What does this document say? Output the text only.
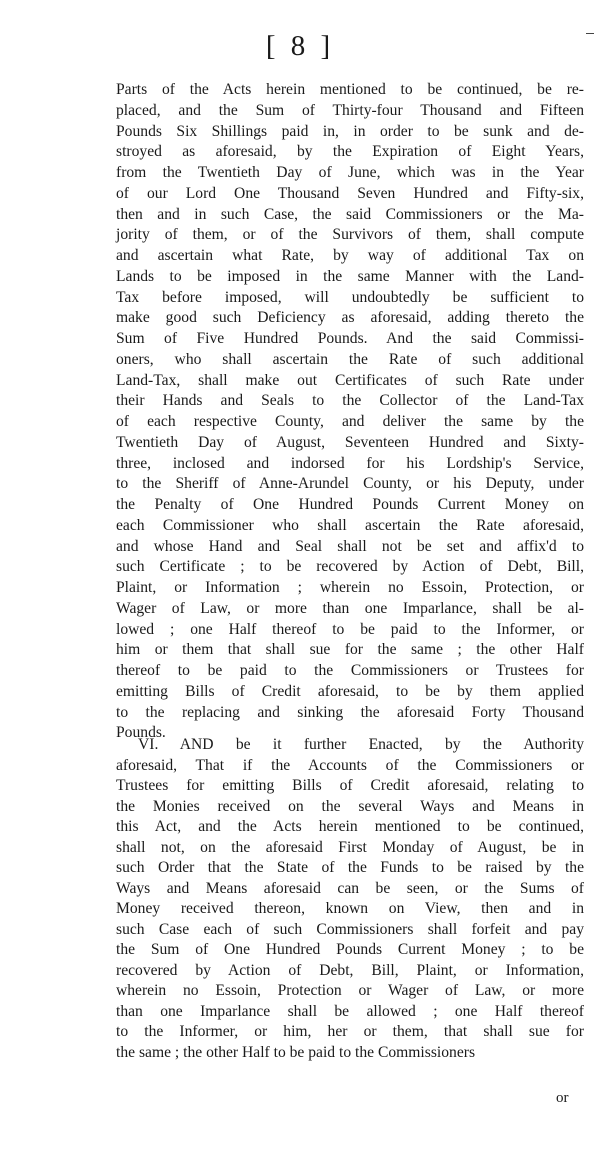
[ 8 ]
Parts of the Acts herein mentioned to be continued, be re-
placed, and the Sum of Thirty-four Thousand and Fifteen
Pounds Six Shillings paid in, in order to be sunk and de-
stroyed as aforesaid, by the Expiration of Eight Years,
from the Twentieth Day of June, which was in the Year
of our Lord One Thousand Seven Hundred and Fifty-six,
then and in such Case, the said Commissioners or the Ma-
jority of them, or of the Survivors of them, shall compute
and ascertain what Rate, by way of additional Tax on
Lands to be imposed in the same Manner with the Land-
Tax before imposed, will undoubtedly be sufficient to
make good such Deficiency as aforesaid, adding thereto the
Sum of Five Hundred Pounds. And the said Commissi-
oners, who shall ascertain the Rate of such additional
Land-Tax, shall make out Certificates of such Rate under
their Hands and Seals to the Collector of the Land-Tax
of each respective County, and deliver the same by the
Twentieth Day of August, Seventeen Hundred and Sixty-
three, inclosed and indorsed for his Lordship's Service,
to the Sheriff of Anne-Arundel County, or his Deputy, under
the Penalty of One Hundred Pounds Current Money on
each Commissioner who shall ascertain the Rate aforesaid,
and whose Hand and Seal shall not be set and affix'd to
such Certificate ; to be recovered by Action of Debt, Bill,
Plaint, or Information ; wherein no Essoin, Protection, or
Wager of Law, or more than one Imparlance, shall be al-
lowed ; one Half thereof to be paid to the Informer, or
him or them that shall sue for the same ; the other Half
thereof to be paid to the Commissioners or Trustees for
emitting Bills of Credit aforesaid, to be by them applied
to the replacing and sinking the aforesaid Forty Thousand
Pounds.
VI. AND be it further Enacted, by the Authority
aforesaid, That if the Accounts of the Commissioners or
Trustees for emitting Bills of Credit aforesaid, relating to
the Monies received on the several Ways and Means in
this Act, and the Acts herein mentioned to be continued,
shall not, on the aforesaid First Monday of August, be in
such Order that the State of the Funds to be raised by the
Ways and Means aforesaid can be seen, or the Sums of
Money received thereon, known on View, then and in
such Case each of such Commissioners shall forfeit and pay
the Sum of One Hundred Pounds Current Money ; to be
recovered by Action of Debt, Bill, Plaint, or Information,
wherein no Essoin, Protection or Wager of Law, or more
than one Imparlance shall be allowed ; one Half thereof
to the Informer, or him, her or them, that shall sue for
the same ; the other Half to be paid to the Commissioners
or
